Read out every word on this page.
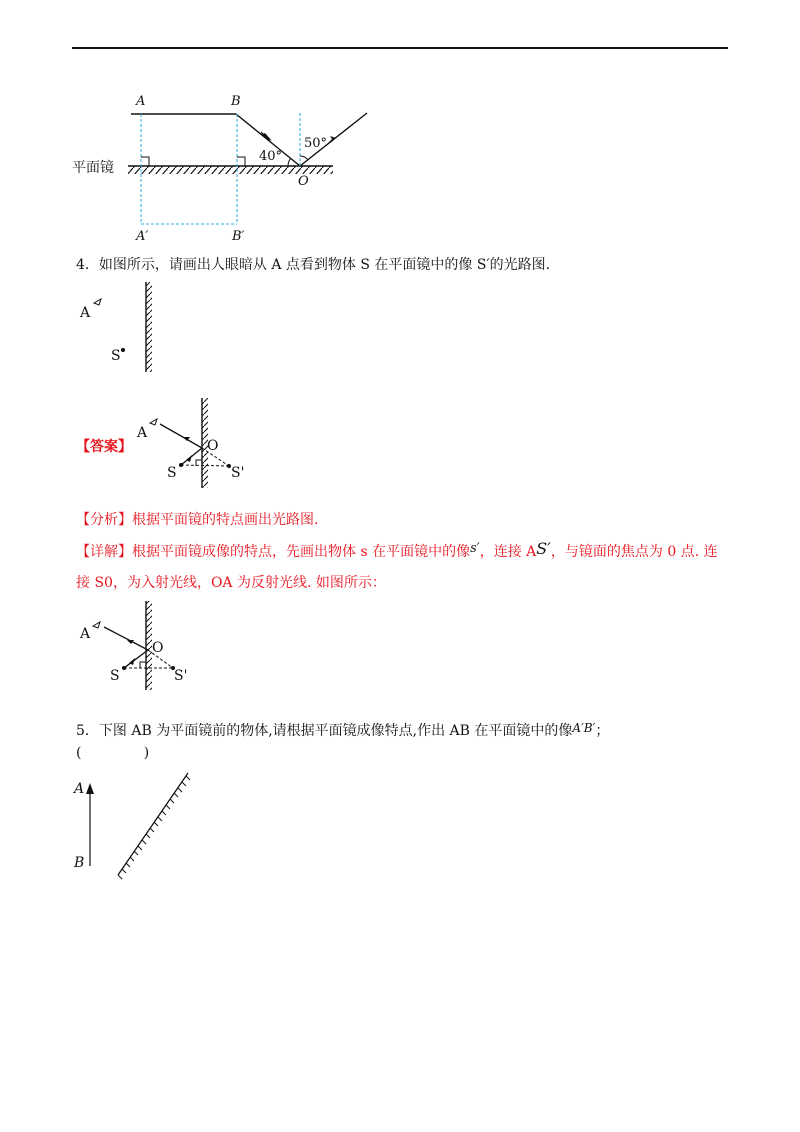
平面镜
A	B
A′	B′
O
40°
50°
4．如图所示，请画出人眼暗从 A 点看到物体 S 在平面镜中的像 S′的光路图.
A
S
【答案】
A
O
S	S'
【分析】根据平面镜的特点画出光路图.
【详解】根据平面镜成像的特点，先画出物体 s 在平面镜中的像s′，连接 AS′，与镜面的焦点为 0 点. 连
接 S0，为入射光线，OA 为反射光线. 如图所示：
A
O
S	S'
5．下图 AB 为平面镜前的物体,请根据平面镜成像特点,作出 AB 在平面镜中的像A′B′；
(              )
A
B
